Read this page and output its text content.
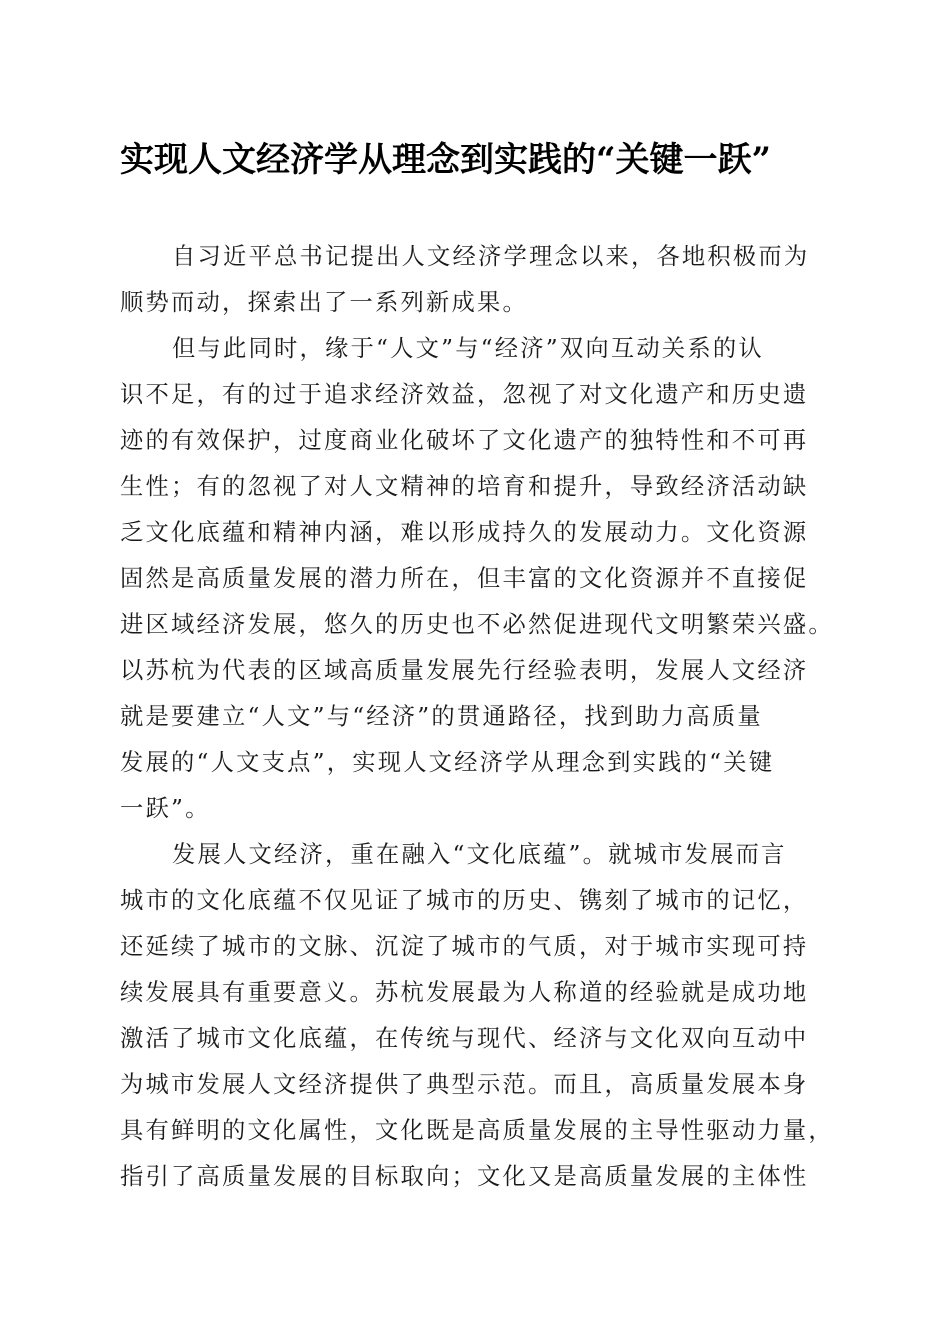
实现人文经济学从理念到实践的“关键一跃”
自习近平总书记提出人文经济学理念以来，各地积极而为
顺势而动，探索出了一系列新成果。
但与此同时，缘于“人文”与“经济”双向互动关系的认
识不足，有的过于追求经济效益，忽视了对文化遗产和历史遗
迹的有效保护，过度商业化破坏了文化遗产的独特性和不可再
生性；有的忽视了对人文精神的培育和提升，导致经济活动缺
乏文化底蕴和精神内涵，难以形成持久的发展动力。文化资源
固然是高质量发展的潜力所在，但丰富的文化资源并不直接促
进区域经济发展，悠久的历史也不必然促进现代文明繁荣兴盛。
以苏杭为代表的区域高质量发展先行经验表明，发展人文经济
就是要建立“人文”与“经济”的贯通路径，找到助力高质量
发展的“人文支点”，实现人文经济学从理念到实践的“关键
一跃”。
发展人文经济，重在融入“文化底蕴”。就城市发展而言
城市的文化底蕴不仅见证了城市的历史、镌刻了城市的记忆，
还延续了城市的文脉、沉淀了城市的气质，对于城市实现可持
续发展具有重要意义。苏杭发展最为人称道的经验就是成功地
激活了城市文化底蕴，在传统与现代、经济与文化双向互动中
为城市发展人文经济提供了典型示范。而且，高质量发展本身
具有鲜明的文化属性，文化既是高质量发展的主导性驱动力量，
指引了高质量发展的目标取向；文化又是高质量发展的主体性
